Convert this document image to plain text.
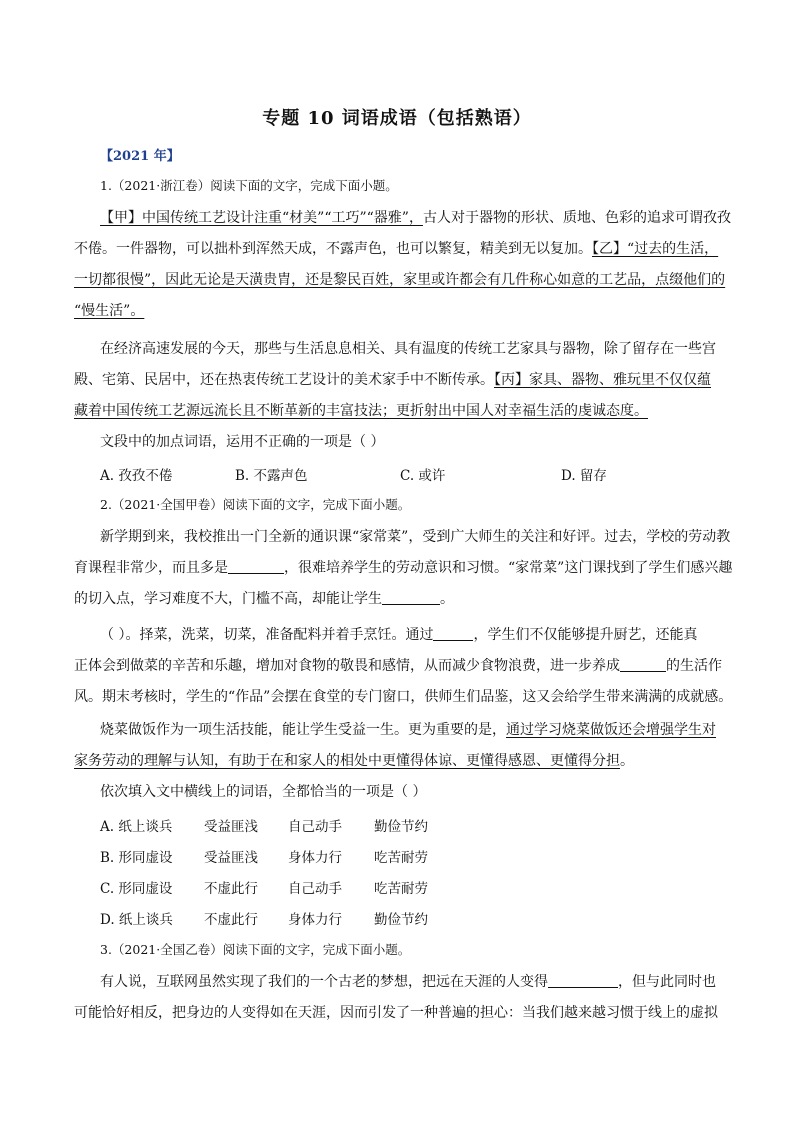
专题 10 词语成语（包括熟语）
【2021 年】
1.（2021·浙江卷）阅读下面的文字，完成下面小题。
【甲】中国传统工艺设计注重“材美”“工巧”“器雅”，古人对于器物的形状、质地、色彩的追求可谓孜孜
不倦。一件器物，可以拙朴到浑然天成，不露声色，也可以繁复，精美到无以复加。【乙】“过去的生活，
一切都很慢”，因此无论是天潢贵胄，还是黎民百姓，家里或许都会有几件称心如意的工艺品，点缀他们的
“慢生活”。
在经济高速发展的今天，那些与生活息息相关、具有温度的传统工艺家具与器物，除了留存在一些宫
殿、宅第、民居中，还在热衷传统工艺设计的美术家手中不断传承。【丙】家具、器物、雅玩里不仅仅蕴
藏着中国传统工艺源远流长且不断革新的丰富技法；更折射出中国人对幸福生活的虔诚态度。
文段中的加点词语，运用不正确的一项是（ ）
A. 孜孜不倦	B. 不露声色	C. 或许	D. 留存
2.（2021·全国甲卷）阅读下面的文字，完成下面小题。
新学期到来，我校推出一门全新的通识课“家常菜”，受到广大师生的关注和好评。过去，学校的劳动教
育课程非常少，而且多是	，很难培养学生的劳动意识和习惯。“家常菜”这门课找到了学生们感兴趣
的切入点，学习难度不大，门槛不高，却能让学生	。
（ ）。择菜，洗菜，切菜，准备配料并着手烹饪。通过	，学生们不仅能够提升厨艺，还能真
正体会到做菜的辛苦和乐趣，增加对食物的敬畏和感情，从而减少食物浪费，进一步养成	的生活作
风。期末考核时，学生的“作品”会摆在食堂的专门窗口，供师生们品鉴，这又会给学生带来满满的成就感。
烧菜做饭作为一项生活技能，能让学生受益一生。更为重要的是，通过学习烧菜做饭还会增强学生对
家务劳动的理解与认知，有助于在和家人的相处中更懂得体谅、更懂得感恩、更懂得分担。
依次填入文中横线上的词语，全都恰当的一项是（ ）
A. 纸上谈兵 受益匪浅 自己动手 勤俭节约
B. 形同虚设 受益匪浅 身体力行 吃苦耐劳
C. 形同虚设 不虚此行 自己动手 吃苦耐劳
D. 纸上谈兵 不虚此行 身体力行 勤俭节约
3.（2021·全国乙卷）阅读下面的文字，完成下面小题。
有人说，互联网虽然实现了我们的一个古老的梦想，把远在天涯的人变得	，但与此同时也
可能恰好相反，把身边的人变得如在天涯，因而引发了一种普遍的担心：当我们越来越习惯于线上的虚拟
